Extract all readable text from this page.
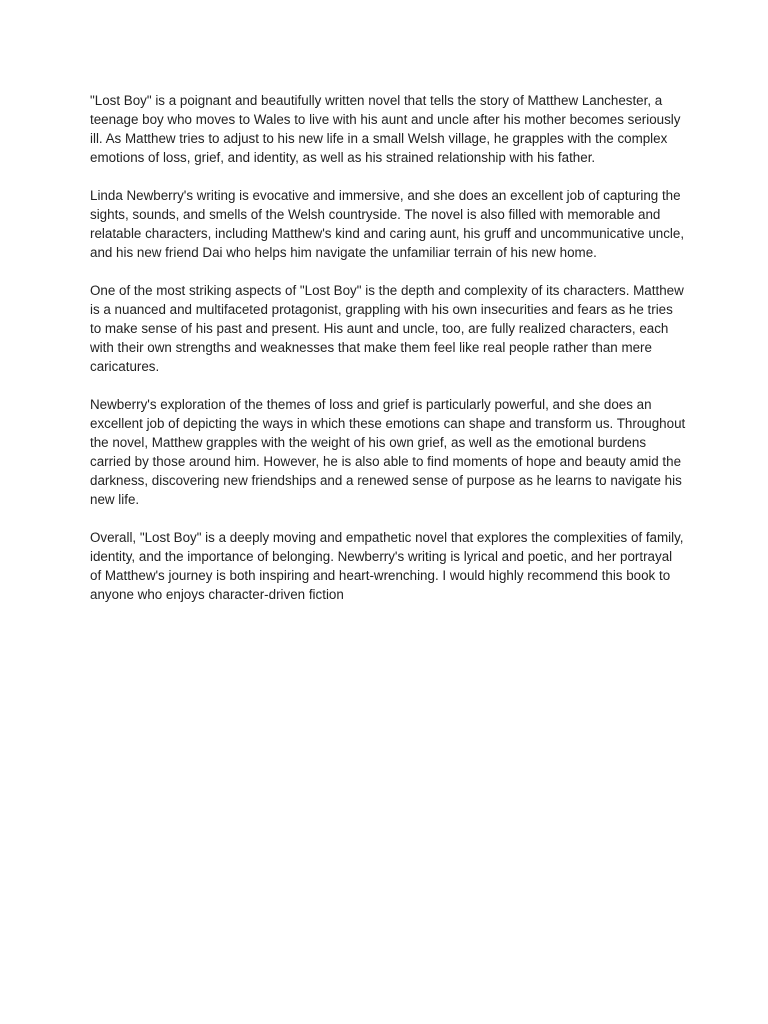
"Lost Boy" is a poignant and beautifully written novel that tells the story of Matthew Lanchester, a teenage boy who moves to Wales to live with his aunt and uncle after his mother becomes seriously ill. As Matthew tries to adjust to his new life in a small Welsh village, he grapples with the complex emotions of loss, grief, and identity, as well as his strained relationship with his father.

Linda Newberry's writing is evocative and immersive, and she does an excellent job of capturing the sights, sounds, and smells of the Welsh countryside. The novel is also filled with memorable and relatable characters, including Matthew's kind and caring aunt, his gruff and uncommunicative uncle, and his new friend Dai who helps him navigate the unfamiliar terrain of his new home.

One of the most striking aspects of "Lost Boy" is the depth and complexity of its characters. Matthew is a nuanced and multifaceted protagonist, grappling with his own insecurities and fears as he tries to make sense of his past and present. His aunt and uncle, too, are fully realized characters, each with their own strengths and weaknesses that make them feel like real people rather than mere caricatures.

Newberry's exploration of the themes of loss and grief is particularly powerful, and she does an excellent job of depicting the ways in which these emotions can shape and transform us. Throughout the novel, Matthew grapples with the weight of his own grief, as well as the emotional burdens carried by those around him. However, he is also able to find moments of hope and beauty amid the darkness, discovering new friendships and a renewed sense of purpose as he learns to navigate his new life.

Overall, "Lost Boy" is a deeply moving and empathetic novel that explores the complexities of family, identity, and the importance of belonging. Newberry's writing is lyrical and poetic, and her portrayal of Matthew's journey is both inspiring and heart-wrenching. I would highly recommend this book to anyone who enjoys character-driven fiction
